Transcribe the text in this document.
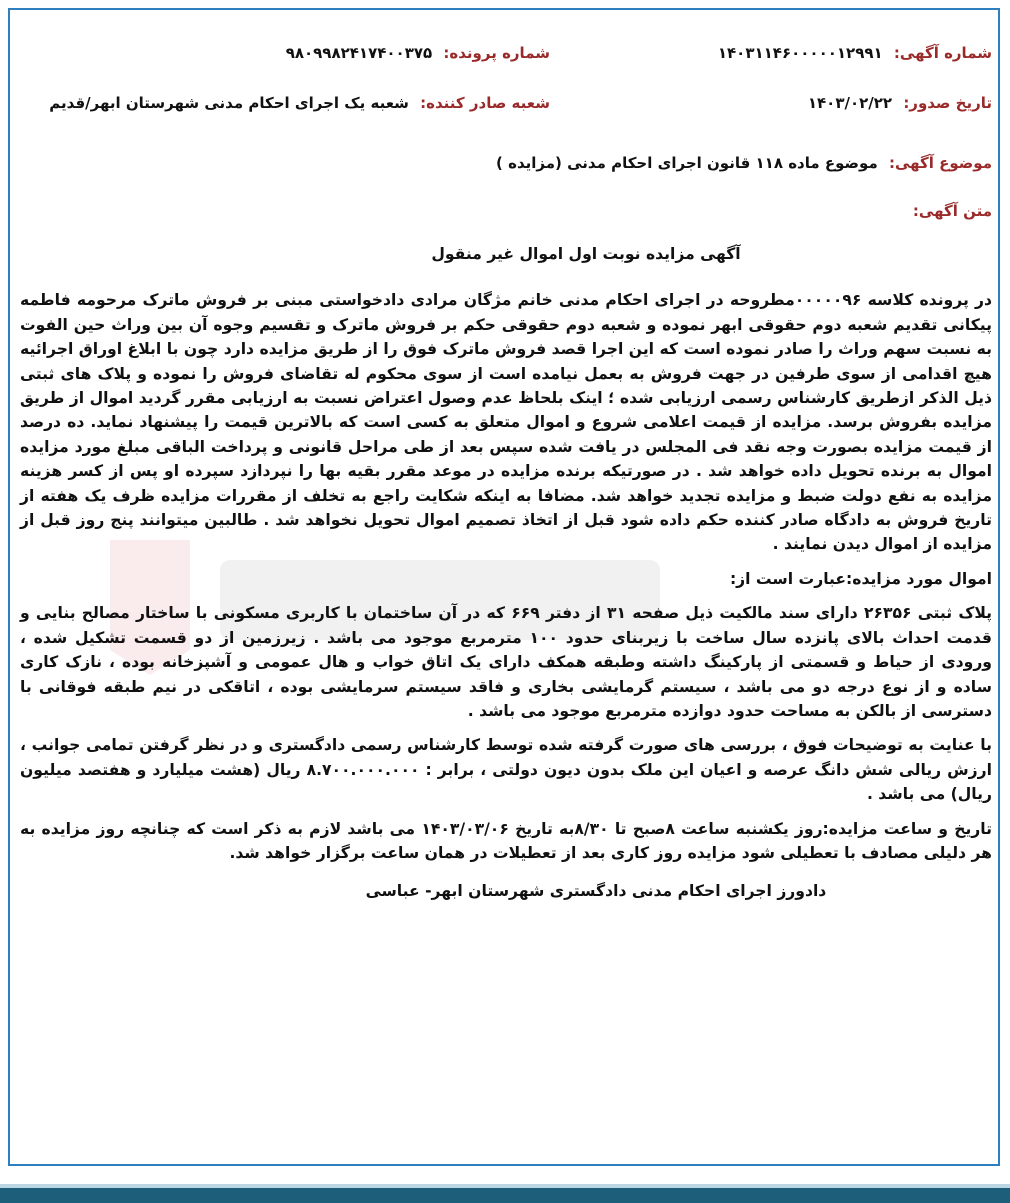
شماره آگهی: ۱۴۰۳۱۱۴۶۰۰۰۰۰۱۲۹۹۱
تاریخ صدور: ۱۴۰۳/۰۲/۲۲
شماره پرونده: ۹۸۰۹۹۸۲۴۱۷۴۰۰۳۷۵
شعبه صادر کننده: شعبه یک اجرای احکام مدنی شهرستان ابهر/قدیم
موضوع آگهی: موضوع ماده ۱۱۸ قانون اجرای احکام مدنی (مزایده )
متن آگهی:

آگهی مزایده نوبت اول اموال غیر منقول

در پرونده کلاسه ۰۰۰۰۰۹۶مطروحه در اجرای احکام مدنی خانم مژگان مرادی دادخواستی مبنی بر فروش ماترک مرحومه فاطمه پیکانی تقدیم شعبه دوم حقوقی ابهر نموده و شعبه دوم حقوقی حکم بر فروش ماترک و تقسیم وجوه آن بین وراث حین الفوت به نسبت سهم وراث را صادر نموده است که این اجرا قصد فروش ماترک فوق را از طریق مزایده دارد چون با ابلاغ اوراق اجرائیه هیچ اقدامی از سوی طرفین در جهت فروش به بعمل نیامده است از سوی محکوم له تقاضای فروش را نموده و پلاک های ثبتی ذیل الذکر ازطریق کارشناس رسمی ارزیابی شده ؛ اینک بلحاظ عدم وصول اعتراض نسبت به ارزیابی مقرر گردید اموال از طریق مزایده بفروش برسد. مزایده از قیمت اعلامی شروع و اموال متعلق به کسی است که بالاترین قیمت را پیشنهاد نماید. ده درصد از قیمت مزایده بصورت وجه نقد فی المجلس در یافت شده سپس بعد از طی مراحل قانونی و پرداخت الباقی مبلغ مورد مزایده اموال به برنده تحویل داده خواهد شد . در صورتیکه برنده مزایده در موعد مقرر بقیه بها را نپردازد سپرده او پس از کسر هزینه مزایده به نفع دولت ضبط و مزایده تجدید خواهد شد. مضافا به اینکه شکایت راجع به تخلف از مقررات مزایده ظرف یک هفته از تاریخ فروش به دادگاه صادر کننده حکم داده شود قبل از اتخاذ تصمیم اموال تحویل نخواهد شد . طالبین میتوانند پنج روز قبل از مزایده از اموال دیدن نمایند .

اموال مورد مزایده:عبارت است از:

پلاک ثبتی ۲۶۳۵۶ دارای سند مالکیت ذیل صفحه ۳۱ از دفتر ۶۶۹ که در آن ساختمان با کاربری مسکونی با ساختار مصالح بنایی و قدمت احداث بالای پانزده سال ساخت با زیربنای حدود ۱۰۰ مترمربع موجود می باشد . زیرزمین از دو قسمت تشکیل شده ، ورودی از حیاط و قسمتی از پارکینگ داشته وطبقه همکف دارای یک اتاق خواب و هال عمومی و آشپزخانه بوده ، نازک کاری ساده و از نوع درجه دو می باشد ، سیستم گرمایشی بخاری و فاقد سیستم سرمایشی بوده ، اتاقکی در نیم طبقه فوقانی با دسترسی از بالکن به مساحت حدود دوازده مترمربع موجود می باشد .

با عنایت به توضیحات فوق ، بررسی های صورت گرفته شده توسط کارشناس رسمی دادگستری و در نظر گرفتن تمامی جوانب ، ارزش ریالی شش دانگ عرصه و اعیان این ملک بدون دیون دولتی ، برابر : ۸.۷۰۰.۰۰۰.۰۰۰ ریال (هشت میلیارد و هفتصد میلیون ریال) می باشد .

تاریخ و ساعت مزایده:روز یکشنبه ساعت ۸صبح تا ۸/۳۰به تاریخ ۱۴۰۳/۰۳/۰۶ می باشد لازم به ذکر است که چنانچه روز مزایده به هر دلیلی مصادف با تعطیلی شود مزایده روز کاری بعد از تعطیلات در همان ساعت برگزار خواهد شد.

دادورز اجرای احکام مدنی دادگستری شهرستان ابهر- عباسی
